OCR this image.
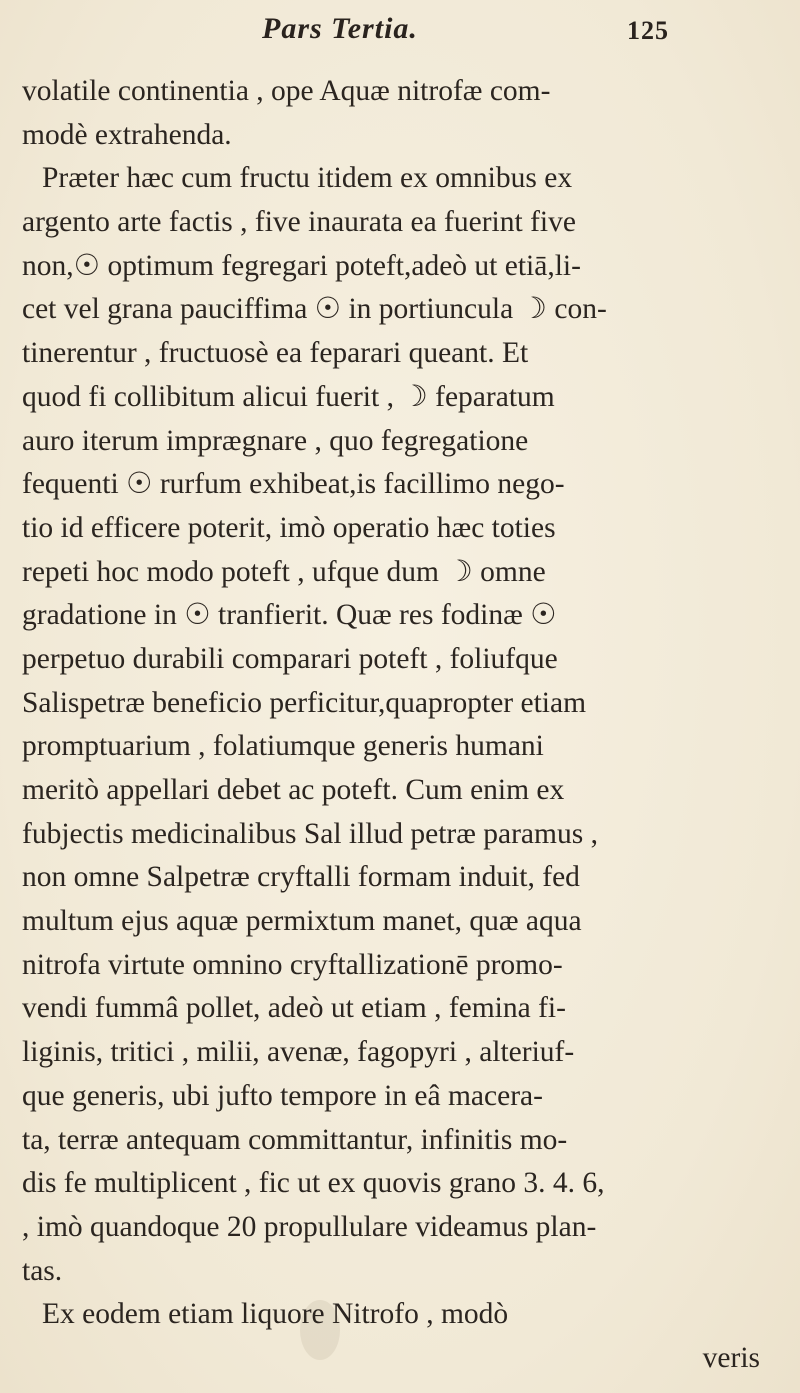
Pars Tertia.	125
volatile continentia , ope Aquæ nitrofæ com-
modè extrahenda.
Præter hæc cum fructu itidem ex omnibus ex
argento arte factis , five inaurata ea fuerint five
non,☉ optimum fegregari poteft,adeò ut etiā,li-
cet vel grana pauciffima ☉ in portiuncula ☽ con-
tinerentur , fructuosè ea feparari queant. Et
quod fi collibitum alicui fuerit , ☽ feparatum
auro iterum imprægnare , quo fegregatione
fequenti ☉ rurfum exhibeat,is facillimo nego-
tio id efficere poterit, imò operatio hæc toties
repeti hoc modo poteft , ufque dum ☽ omne
gradatione in ☉ tranfierit. Quæ res fodinæ ☉
perpetuo durabili comparari poteft , foliufque
Salispetræ beneficio perficitur,quapropter etiam
promptuarium , folatiumque generis humani
meritò appellari debet ac poteft. Cum enim ex
fubjectis medicinalibus Sal illud petræ paramus ,
non omne Salpetræ cryftalli formam induit, fed
multum ejus aquæ permixtum manet, quæ aqua
nitrofa virtute omnino cryftallizationē promo-
vendi fummâ pollet, adeò ut etiam , femina fi-
liginis, tritici , milii, avenæ, fagopyri , alteriuf-
que generis, ubi jufto tempore in eâ macera-
ta, terræ antequam committantur, infinitis mo-
dis fe multiplicent , fic ut ex quovis grano 3. 4. 6,
, imò quandoque 20 propullulare videamus plan-
tas.
Ex eodem etiam liquore Nitrofo , modò
veris
